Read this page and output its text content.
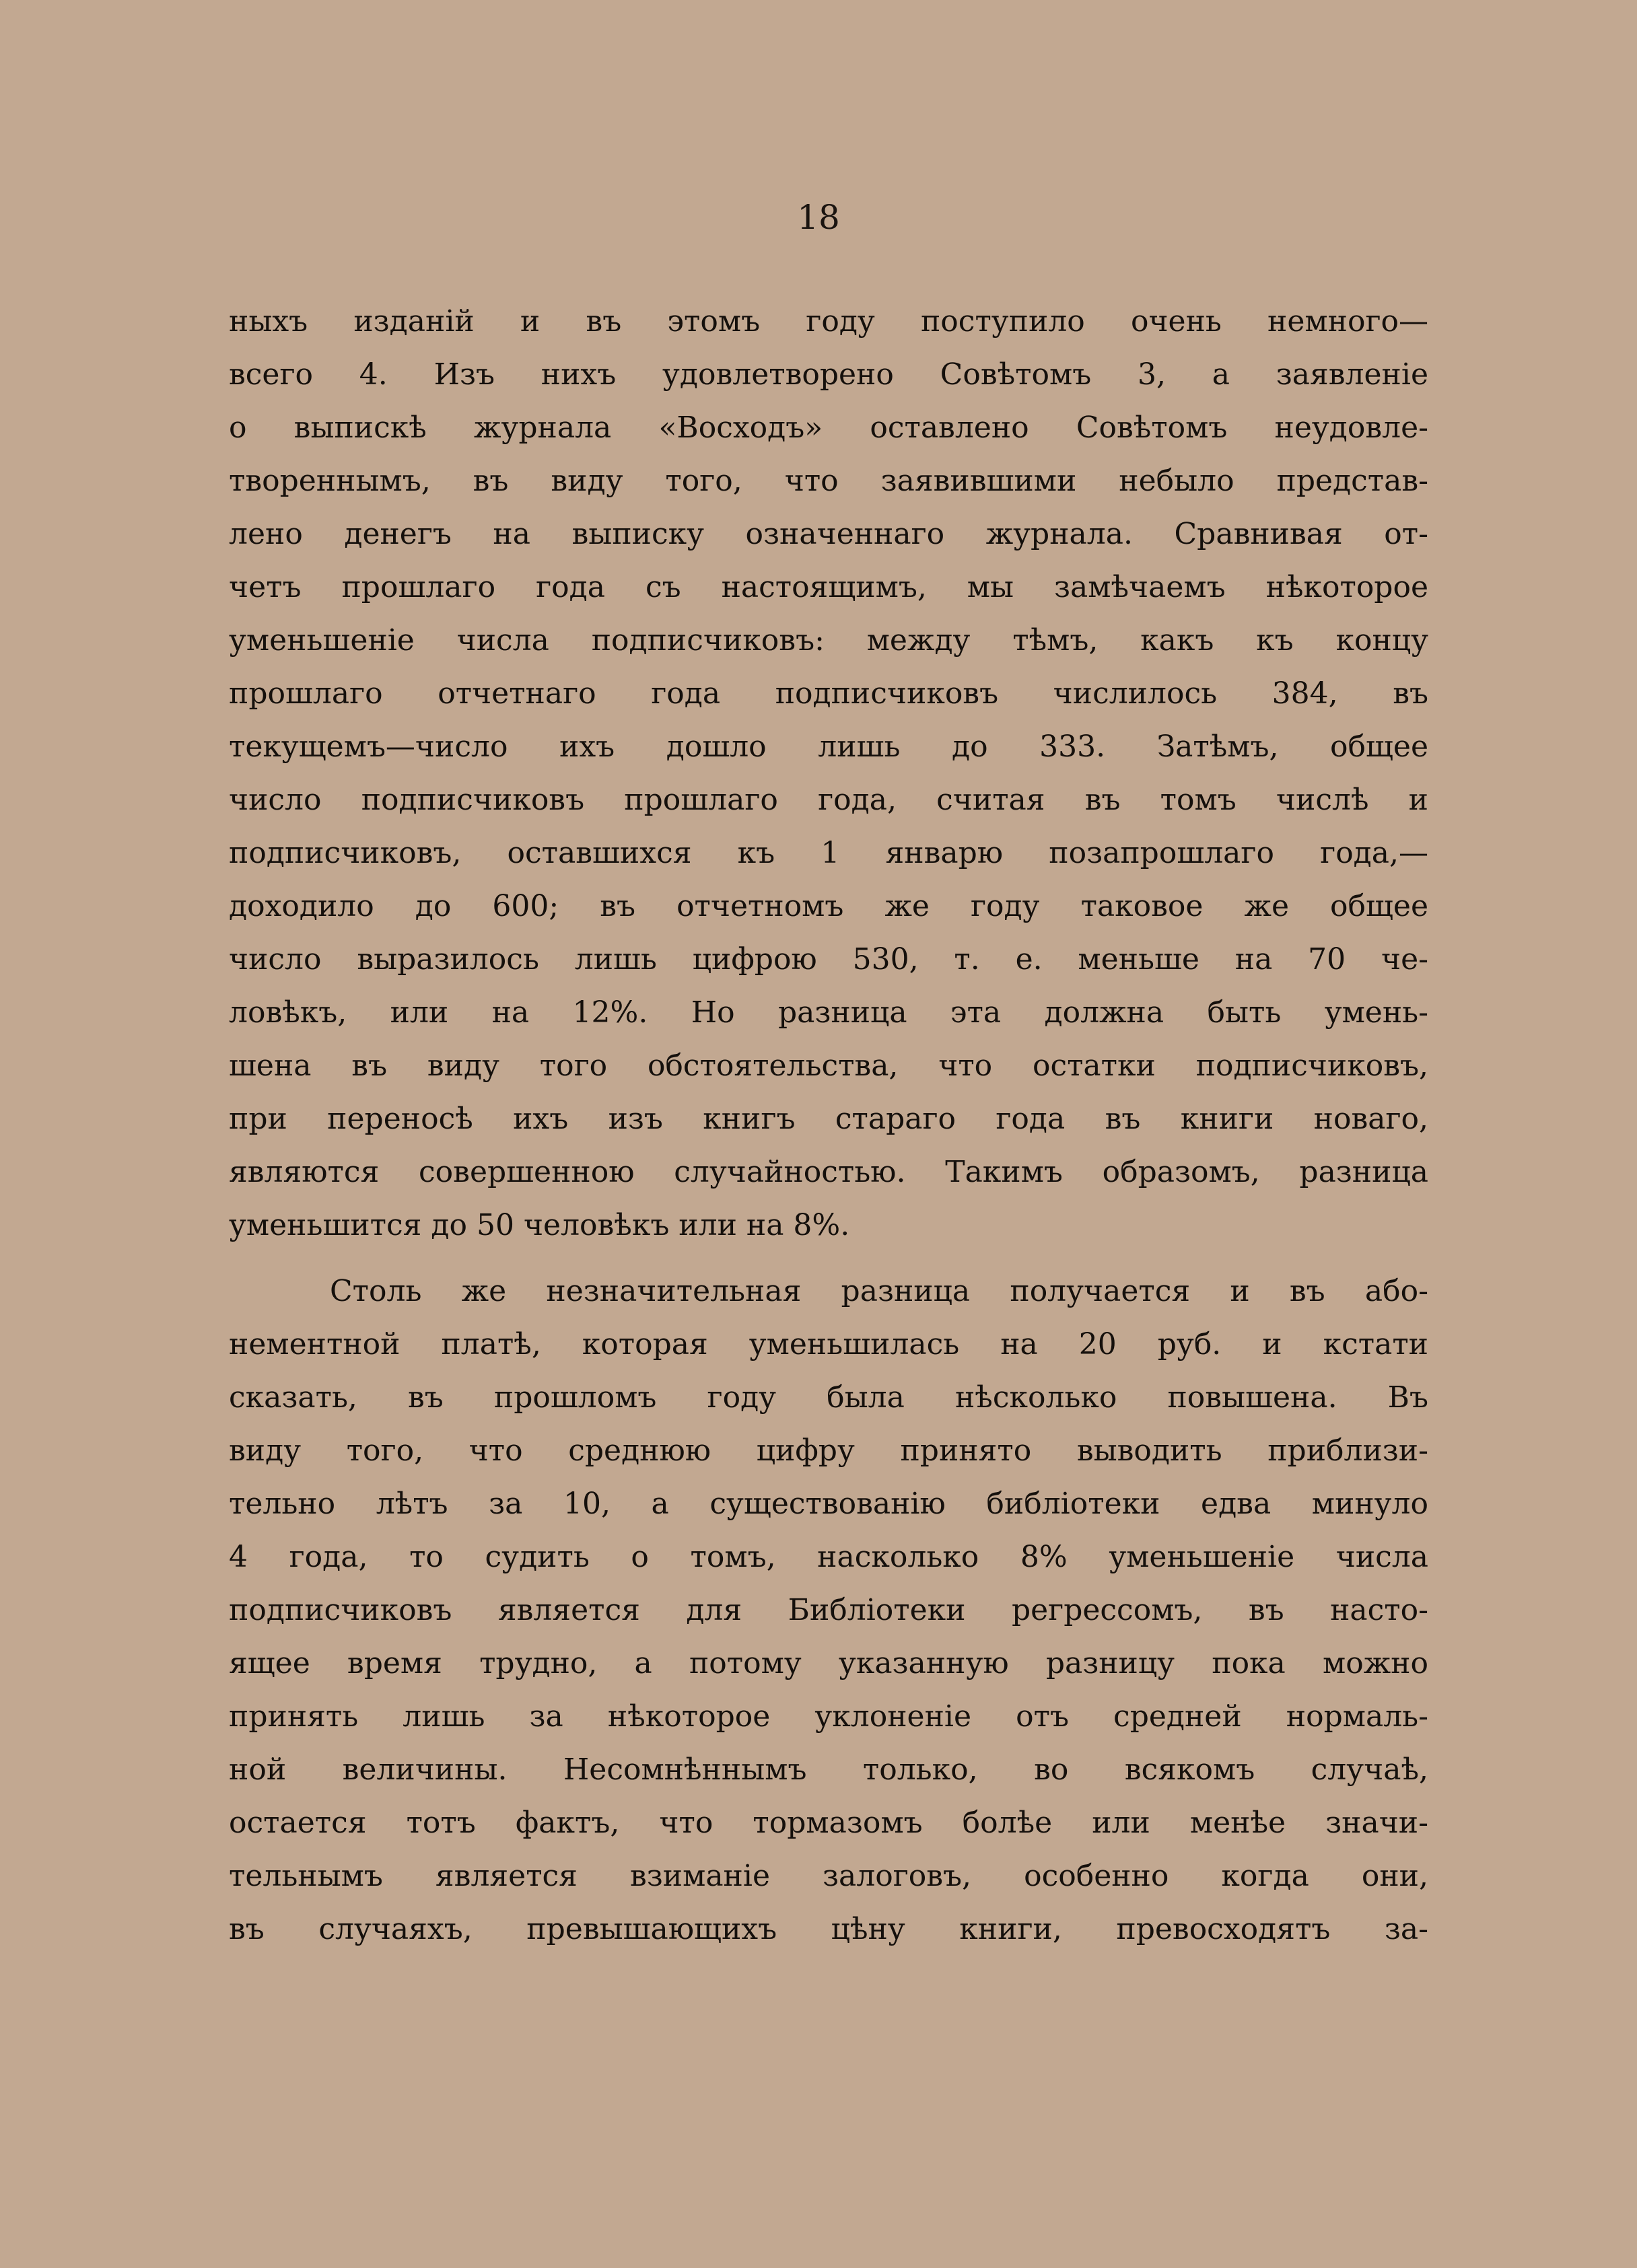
18
ныхъ изданій и въ этомъ году поступило очень немного—
всего 4. Изъ нихъ удовлетворено Совѣтомъ 3, а заявленіе
о выпискѣ журнала «Восходъ» оставлено Совѣтомъ неудовле-
твореннымъ, въ виду того, что заявившими небыло представ-
лено денегъ на выписку означеннаго журнала. Сравнивая от-
четъ прошлаго года съ настоящимъ, мы замѣчаемъ нѣкоторое
уменьшеніе числа подписчиковъ: между тѣмъ, какъ къ концу
прошлаго отчетнаго года подписчиковъ числилось 384, въ
текущемъ—число ихъ дошло лишь до 333. Затѣмъ, общее
число подписчиковъ прошлаго года, считая въ томъ числѣ и
подписчиковъ, оставшихся къ 1 январю позапрошлаго года,—
доходило до 600; въ отчетномъ же году таковое же общее
число выразилось лишь цифрою 530, т. е. меньше на 70 че-
ловѣкъ, или на 12%. Но разница эта должна быть умень-
шена въ виду того обстоятельства, что остатки подписчиковъ,
при переносѣ ихъ изъ книгъ стараго года въ книги новаго,
являются совершенною случайностью. Такимъ образомъ, разница
уменьшится до 50 человѣкъ или на 8%.
Столь же незначительная разница получается и въ або-
нементной платѣ, которая уменьшилась на 20 руб. и кстати
сказать, въ прошломъ году была нѣсколько повышена. Въ
виду того, что среднюю цифру принято выводить приблизи-
тельно лѣтъ за 10, а существованію библіотеки едва минуло
4 года, то судить о томъ, насколько 8% уменьшеніе числа
подписчиковъ является для Библіотеки регрессомъ, въ насто-
ящее время трудно, а потому указанную разницу пока можно
принять лишь за нѣкоторое уклоненіе отъ средней нормаль-
ной величины. Несомнѣннымъ только, во всякомъ случаѣ,
остается тотъ фактъ, что тормазомъ болѣе или менѣе значи-
тельнымъ является взиманіе залоговъ, особенно когда они,
въ случаяхъ, превышающихъ цѣну книги, превосходятъ за-
